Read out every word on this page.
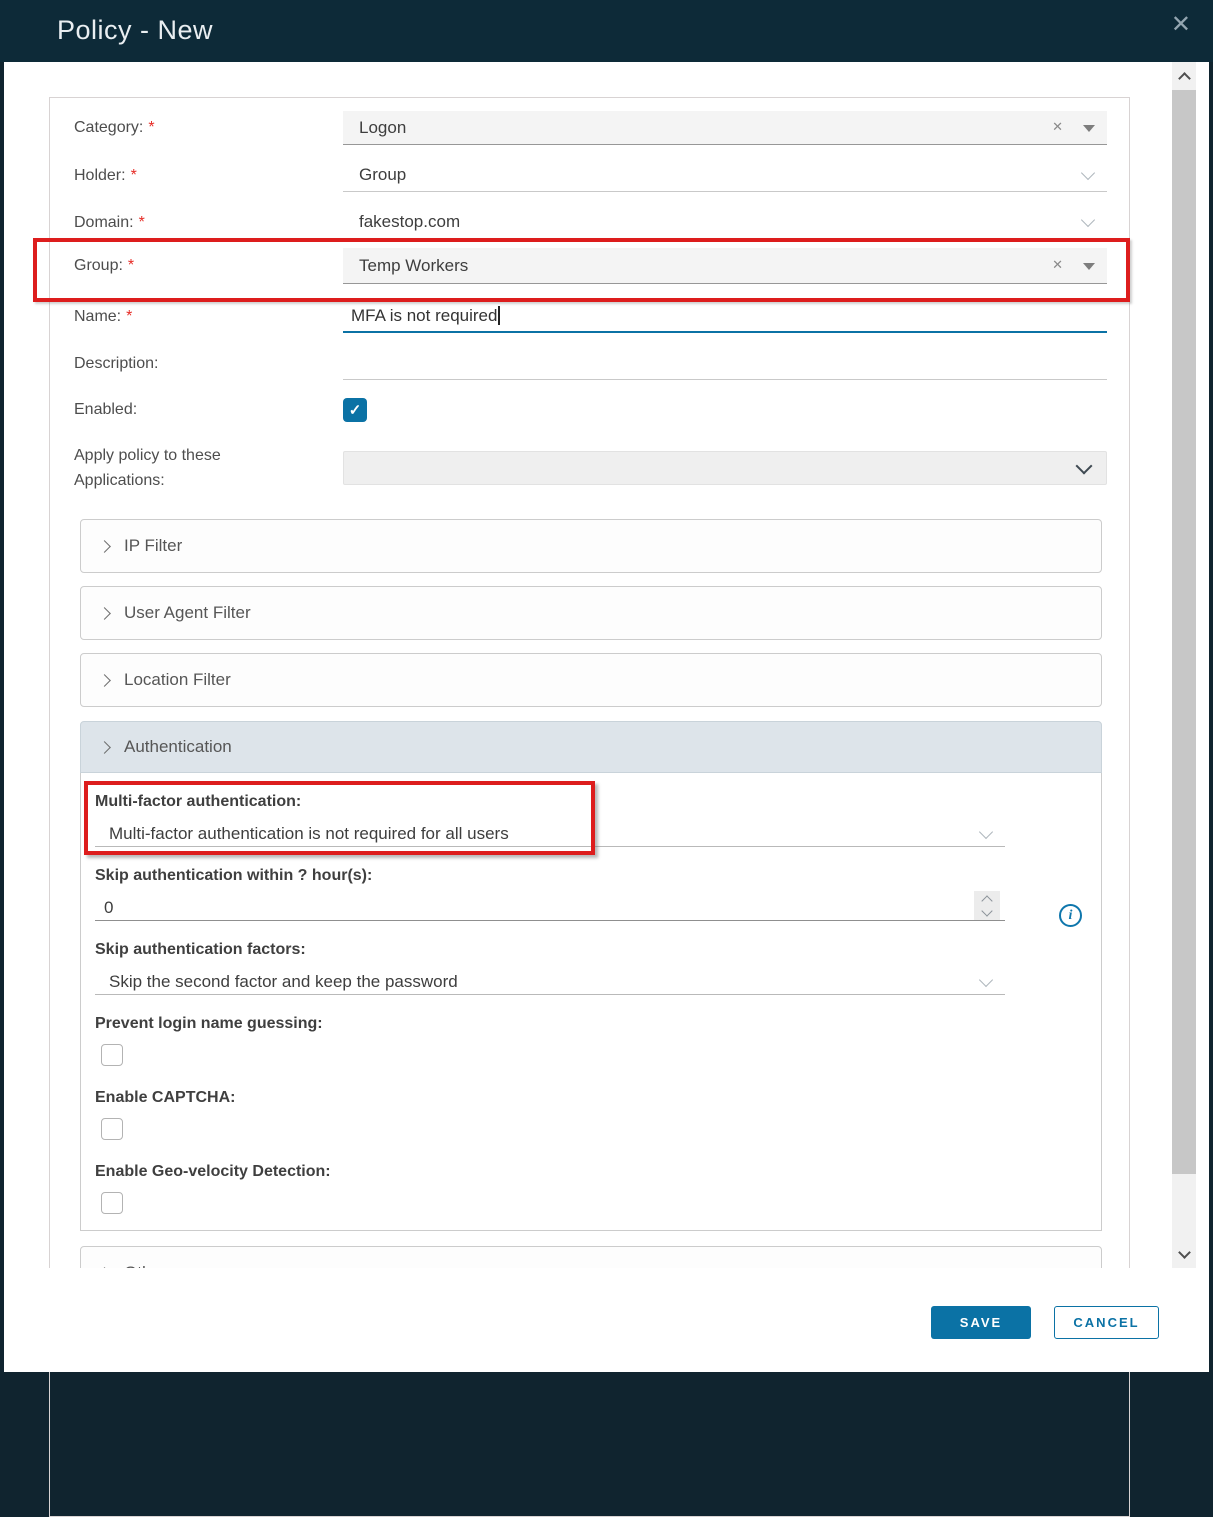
Policy - New	✕
Category: *	Logon	✕
Holder: *	Group
Domain: *	fakestop.com
Group: *	Temp Workers	✕
Name: *	MFA is not required
Description:
Enabled:	✓
Apply policy to these
Applications:
IP Filter
User Agent Filter
Location Filter
Authentication
Multi-factor authentication:
Multi-factor authentication is not required for all users
Skip authentication within ? hour(s):
0
Skip authentication factors:
Skip the second factor and keep the password
Prevent login name guessing:
Enable CAPTCHA:
Enable Geo-velocity Detection:
i
SAVE	CANCEL
